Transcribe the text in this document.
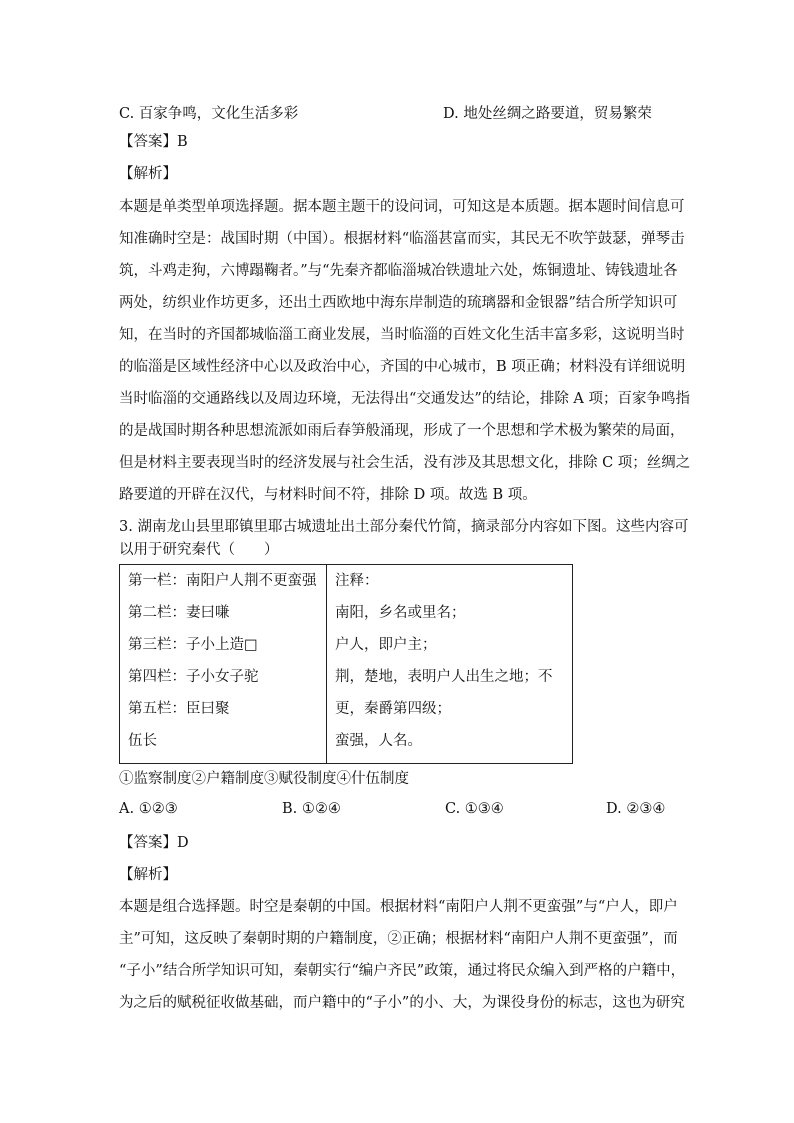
C. 百家争鸣，文化生活多彩	D. 地处丝绸之路要道，贸易繁荣
【答案】B
【解析】
本题是单类型单项选择题。据本题主题干的设问词，可知这是本质题。据本题时间信息可
知准确时空是：战国时期（中国）。根据材料“临淄甚富而实，其民无不吹竽鼓瑟，弹琴击
筑，斗鸡走狗，六博蹋鞠者。”与“先秦齐都临淄城冶铁遗址六处，炼铜遗址、铸钱遗址各
两处，纺织业作坊更多，还出土西欧地中海东岸制造的琉璃器和金银器”结合所学知识可
知，在当时的齐国都城临淄工商业发展，当时临淄的百姓文化生活丰富多彩，这说明当时
的临淄是区域性经济中心以及政治中心，齐国的中心城市，B 项正确；材料没有详细说明
当时临淄的交通路线以及周边环境，无法得出“交通发达”的结论，排除 A 项；百家争鸣指
的是战国时期各种思想流派如雨后春笋般涌现，形成了一个思想和学术极为繁荣的局面，
但是材料主要表现当时的经济发展与社会生活，没有涉及其思想文化，排除 C 项；丝绸之
路要道的开辟在汉代，与材料时间不符，排除 D 项。故选 B 项。
3. 湖南龙山县里耶镇里耶古城遗址出土部分秦代竹简，摘录部分内容如下图。这些内容可
以用于研究秦代（　　）
第一栏：南阳户人荆不更蛮强
第二栏：妻曰嗛
第三栏：子小上造□
第四栏：子小女子驼
第五栏：臣曰聚
伍长

注释：
南阳，乡名或里名；
户人，即户主；
荆，楚地，表明户人出生之地；不
更，秦爵第四级；
蛮强，人名。
①监察制度②户籍制度③赋役制度④什伍制度
A. ①②③	B. ①②④	C. ①③④	D. ②③④
【答案】D
【解析】
本题是组合选择题。时空是秦朝的中国。根据材料“南阳户人荆不更蛮强”与“户人，即户
主”可知，这反映了秦朝时期的户籍制度，②正确；根据材料“南阳户人荆不更蛮强”，而
“子小”结合所学知识可知，秦朝实行“编户齐民”政策，通过将民众编入到严格的户籍中，
为之后的赋税征收做基础，而户籍中的“子小”的小、大，为课役身份的标志，这也为研究
